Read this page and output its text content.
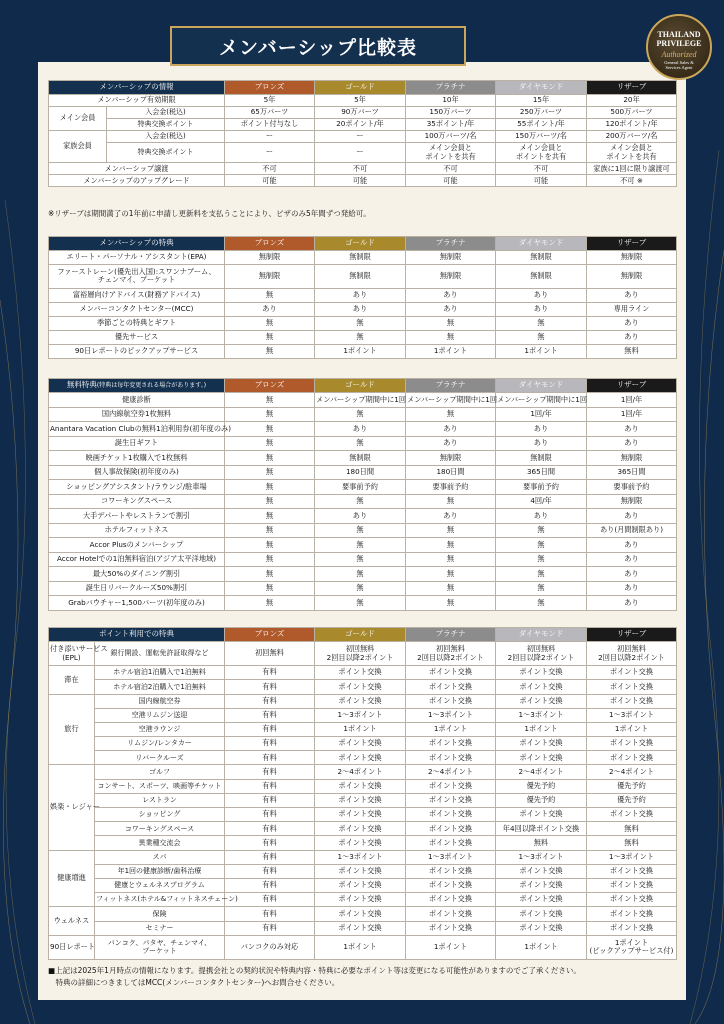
メンバーシップ比較表
THAILAND
PRIVILEGE
Authorized
General Sales &
Services Agent
メンバーシップの情報		ブロンズ	ゴールド	プラチナ	ダイヤモンド	リザーブ
メンバーシップ有効期限		5年	5年	10年	15年	20年
メイン会員	入会金(税込)	65万バーツ	90万バーツ	150万バーツ	250万バーツ	500万バーツ
	特典交換ポイント	ポイント付与なし	20ポイント/年	35ポイント/年	55ポイント/年	120ポイント/年
家族会員	入会金(税込)	ー	ー	100万バーツ/名	150万バーツ/名	200万バーツ/名
	特典交換ポイント	ー	ー	メイン会員と
ポイントを共有	メイン会員と
ポイントを共有	メイン会員と
ポイントを共有
メンバーシップ譲渡		不可	不可	不可	不可	家族に1回に限り譲渡可
メンバーシップのアップグレード		可能	可能	可能	可能	不可 ※
※リザーブは期間満了の1年前に申請し更新料を支払うことにより、ビザのみ5年間ずつ発給可。
メンバーシップの特典	ブロンズ	ゴールド	プラチナ	ダイヤモンド	リザーブ
エリート・パーソナル・アシスタント(EPA)	無制限	無制限	無制限	無制限	無制限
ファーストレーン(優先出入国):スワンナブーム、
チェンマイ、プーケット	無制限	無制限	無制限	無制限	無制限
富裕層向けアドバイス(財務アドバイス)	無	あり	あり	あり	あり
メンバーコンタクトセンター(MCC)	あり	あり	あり	あり	専用ライン
季節ごとの特典とギフト	無	無	無	無	あり
優先サービス	無	無	無	無	あり
90日レポートのピックアップサービス	無	1ポイント	1ポイント	1ポイント	無料
無料特典(特典は毎年変更される場合があります。)	ブロンズ	ゴールド	プラチナ	ダイヤモンド	リザーブ
健康診断	無	メンバーシップ期間中に1回	メンバーシップ期間中に1回	メンバーシップ期間中に1回	1回/年
国内線航空券1枚無料	無	無	無	1回/年	1回/年
Anantara Vacation Clubの無料1泊利用券(初年度のみ)	無	あり	あり	あり	あり
誕生日ギフト	無	無	あり	あり	あり
映画チケット1枚購入で1枚無料	無	無制限	無制限	無制限	無制限
個人事故保険(初年度のみ)	無	180日間	180日間	365日間	365日間
ショッピングアシスタント/ラウンジ/駐車場	無	要事前予約	要事前予約	要事前予約	要事前予約
コワーキングスペース	無	無	無	4回/年	無制限
大手デパートやレストランで割引	無	あり	あり	あり	あり
ホテルフィットネス	無	無	無	無	あり(月間制限あり)
Accor Plusのメンバーシップ	無	無	無	無	あり
Accor Hotelでの1泊無料宿泊(アジア太平洋地域)	無	無	無	無	あり
最大50%のダイニング割引	無	無	無	無	あり
誕生日リバークルーズ50%割引	無	無	無	無	あり
Grabバウチャー1,500バーツ(初年度のみ)	無	無	無	無	あり
ポイント利用での特典		ブロンズ	ゴールド	プラチナ	ダイヤモンド	リザーブ
付き添いサービス
(EPL)	銀行開設、運転免許証取得など	初回無料	初回無料
2回目以降2ポイント	初回無料
2回目以降2ポイント	初回無料
2回目以降2ポイント	初回無料
2回目以降2ポイント
滞在	ホテル宿泊1泊購入で1泊無料	有料	ポイント交換	ポイント交換	ポイント交換	ポイント交換
	ホテル宿泊2泊購入で1泊無料	有料	ポイント交換	ポイント交換	ポイント交換	ポイント交換
旅行	国内線航空券	有料	ポイント交換	ポイント交換	ポイント交換	ポイント交換
	空港リムジン送迎	有料	1〜3ポイント	1〜3ポイント	1〜3ポイント	1〜3ポイント
	空港ラウンジ	有料	1ポイント	1ポイント	1ポイント	1ポイント
	リムジン/レンタカー	有料	ポイント交換	ポイント交換	ポイント交換	ポイント交換
	リバークルーズ	有料	ポイント交換	ポイント交換	ポイント交換	ポイント交換
娯楽・レジャー	ゴルフ	有料	2〜4ポイント	2〜4ポイント	2〜4ポイント	2〜4ポイント
	コンサート、スポーツ、映画等チケット	有料	ポイント交換	ポイント交換	優先予約	優先予約
	レストラン	有料	ポイント交換	ポイント交換	優先予約	優先予約
	ショッピング	有料	ポイント交換	ポイント交換	ポイント交換	ポイント交換
	コワーキングスペース	有料	ポイント交換	ポイント交換	年4回以降ポイント交換	無料
	異業種交流会	有料	ポイント交換	ポイント交換	無料	無料
健康増進	スパ	有料	1〜3ポイント	1〜3ポイント	1〜3ポイント	1〜3ポイント
	年1回の健康診断/歯科治療	有料	ポイント交換	ポイント交換	ポイント交換	ポイント交換
	健康とウェルネスプログラム	有料	ポイント交換	ポイント交換	ポイント交換	ポイント交換
	フィットネス(ホテル&フィットネスチェーン)	有料	ポイント交換	ポイント交換	ポイント交換	ポイント交換
ウェルネス	保険	有料	ポイント交換	ポイント交換	ポイント交換	ポイント交換
	セミナー	有料	ポイント交換	ポイント交換	ポイント交換	ポイント交換
90日レポート	バンコク、パタヤ、チェンマイ、
プーケット	バンコクのみ対応	1ポイント	1ポイント	1ポイント	1ポイント
(ピックアップサービス付)
■上記は2025年1月時点の情報になります。提携会社との契約状況や特典内容・特典に必要なポイント等は変更になる可能性がありますのでご了承ください。
　特典の詳細につきましてはMCC(メンバーコンタクトセンター)へお問合せください。
